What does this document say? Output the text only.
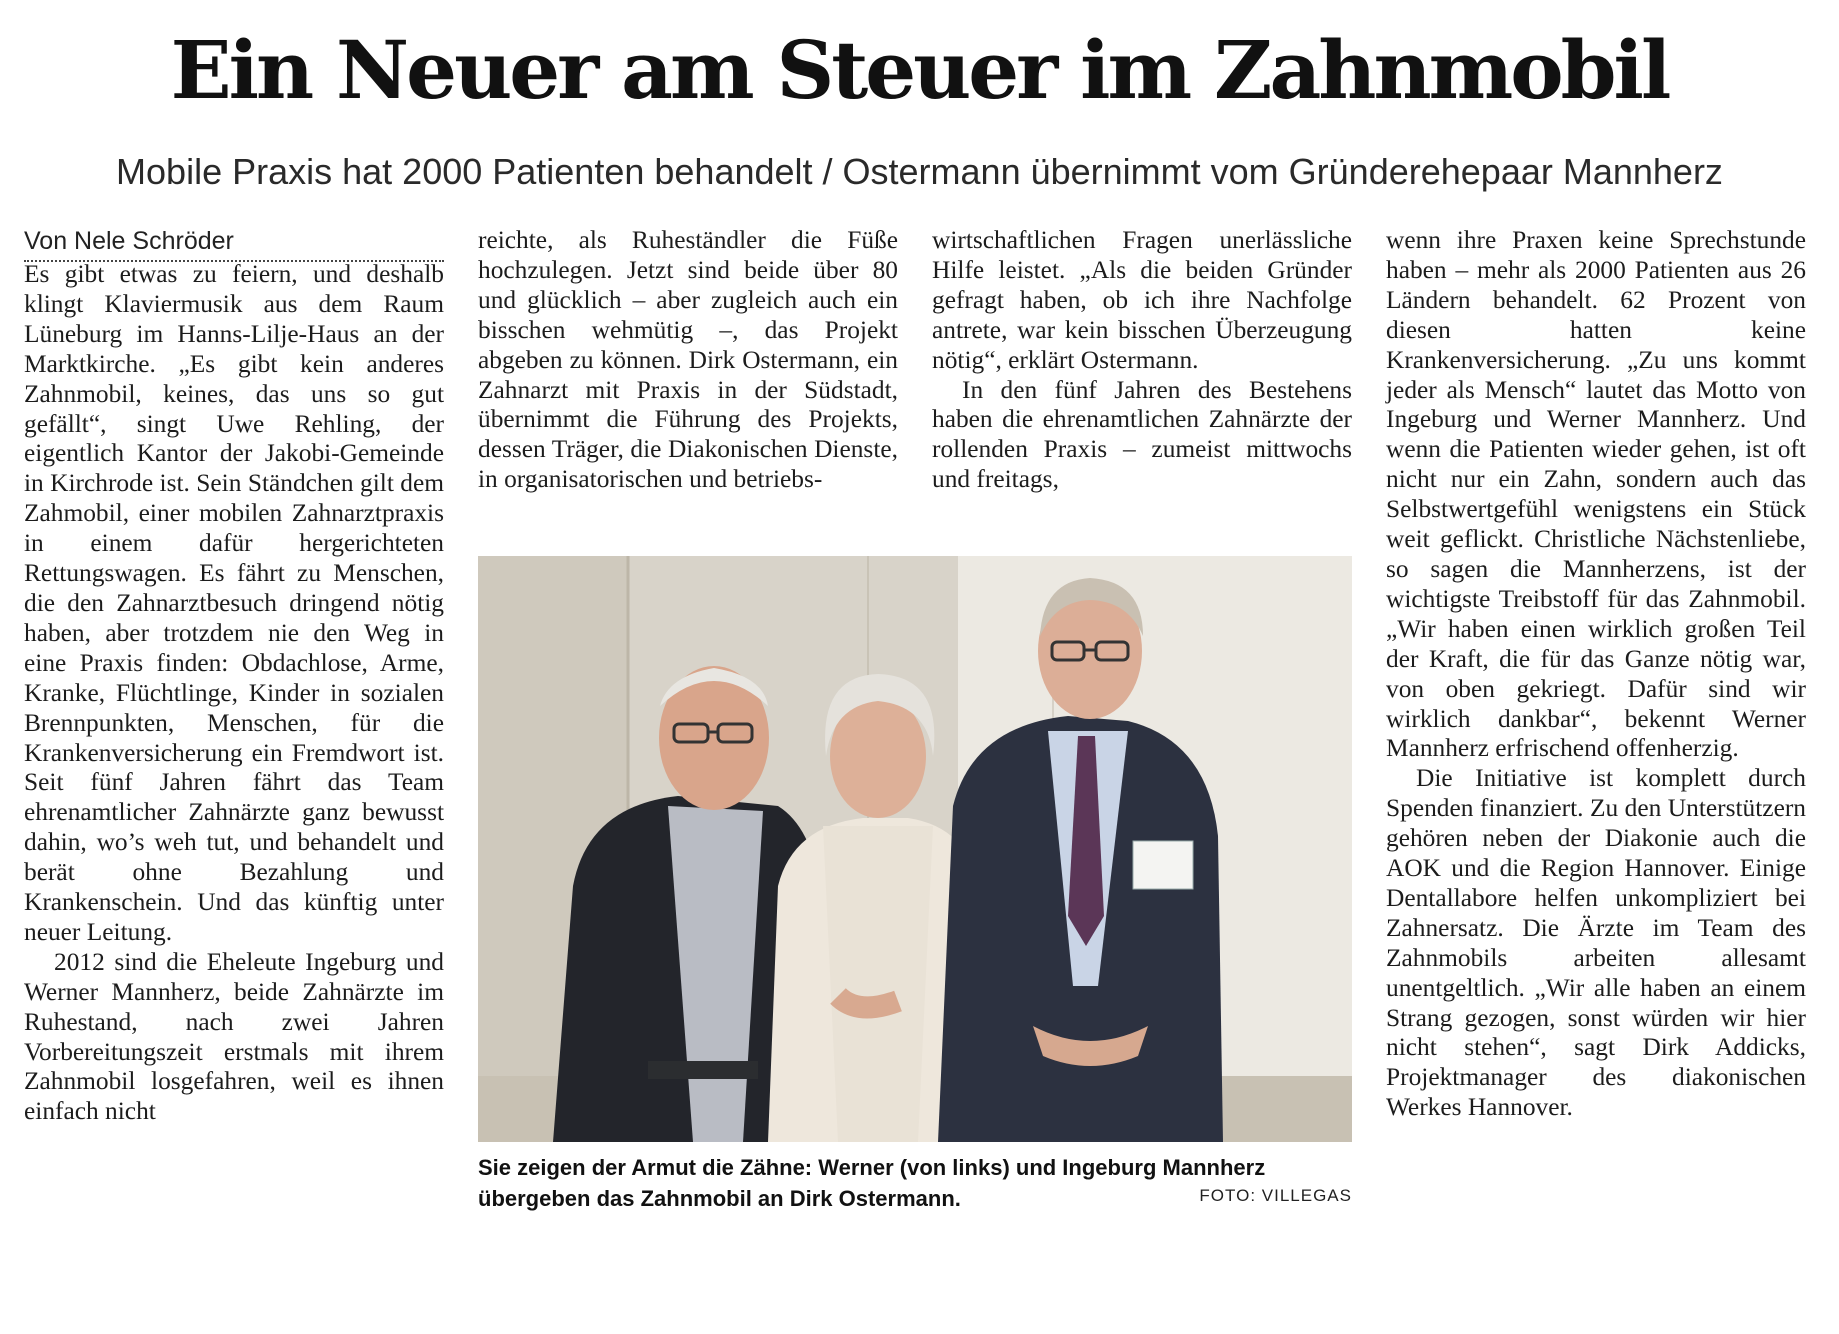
Ein Neuer am Steuer im Zahnmobil
Mobile Praxis hat 2000 Patienten behandelt / Ostermann übernimmt vom Gründerehepaar Mannherz
Von Nele Schröder

Es gibt etwas zu feiern, und deshalb klingt Klaviermusik aus dem Raum Lüneburg im Hanns-Lilje-Haus an der Marktkirche. „Es gibt kein anderes Zahnmobil, keines, das uns so gut gefällt“, singt Uwe Rehling, der eigentlich Kantor der Jakobi-Gemeinde in Kirchrode ist. Sein Ständchen gilt dem Zahmobil, einer mobilen Zahnarztpraxis in einem dafür hergerichteten Rettungswagen. Es fährt zu Menschen, die den Zahnarztbesuch dringend nötig haben, aber trotzdem nie den Weg in eine Praxis finden: Obdachlose, Arme, Kranke, Flüchtlinge, Kinder in sozialen Brennpunkten, Menschen, für die Krankenversicherung ein Fremdwort ist. Seit fünf Jahren fährt das Team ehrenamtlicher Zahnärzte ganz bewusst dahin, wo’s weh tut, und behandelt und berät ohne Bezahlung und Krankenschein. Und das künftig unter neuer Leitung.

2012 sind die Eheleute Ingeburg und Werner Mannherz, beide Zahnärzte im Ruhestand, nach zwei Jahren Vorbereitungszeit erstmals mit ihrem Zahnmobil losgefahren, weil es ihnen einfach nicht

reichte, als Ruheständler die Füße hochzulegen. Jetzt sind beide über 80 und glücklich – aber zugleich auch ein bisschen wehmütig –, das Projekt abgeben zu können. Dirk Ostermann, ein Zahnarzt mit Praxis in der Südstadt, übernimmt die Führung des Projekts, dessen Träger, die Diakonischen Dienste, in organisatorischen und betriebs-

wirtschaftlichen Fragen unerlässliche Hilfe leistet. „Als die beiden Gründer gefragt haben, ob ich ihre Nachfolge antrete, war kein bisschen Überzeugung nötig“, erklärt Ostermann.

In den fünf Jahren des Bestehens haben die ehrenamtlichen Zahnärzte der rollenden Praxis – zumeist mittwochs und freitags,

wenn ihre Praxen keine Sprechstunde haben – mehr als 2000 Patienten aus 26 Ländern behandelt. 62 Prozent von diesen hatten keine Krankenversicherung. „Zu uns kommt jeder als Mensch“ lautet das Motto von Ingeburg und Werner Mannherz. Und wenn die Patienten wieder gehen, ist oft nicht nur ein Zahn, sondern auch das Selbstwertgefühl wenigstens ein Stück weit geflickt. Christliche Nächstenliebe, so sagen die Mannherzens, ist der wichtigste Treibstoff für das Zahnmobil. „Wir haben einen wirklich großen Teil der Kraft, die für das Ganze nötig war, von oben gekriegt. Dafür sind wir wirklich dankbar“, bekennt Werner Mannherz erfrischend offenherzig.

Die Initiative ist komplett durch Spenden finanziert. Zu den Unterstützern gehören neben der Diakonie auch die AOK und die Region Hannover. Einige Dentallabore helfen unkompliziert bei Zahnersatz. Die Ärzte im Team des Zahnmobils arbeiten allesamt unentgeltlich. „Wir alle haben an einem Strang gezogen, sonst würden wir hier nicht stehen“, sagt Dirk Addicks, Projektmanager des diakonischen Werkes Hannover.

Sie zeigen der Armut die Zähne: Werner (von links) und Ingeburg Mannherz
übergeben das Zahnmobil an Dirk Ostermann.	FOTO: VILLEGAS
